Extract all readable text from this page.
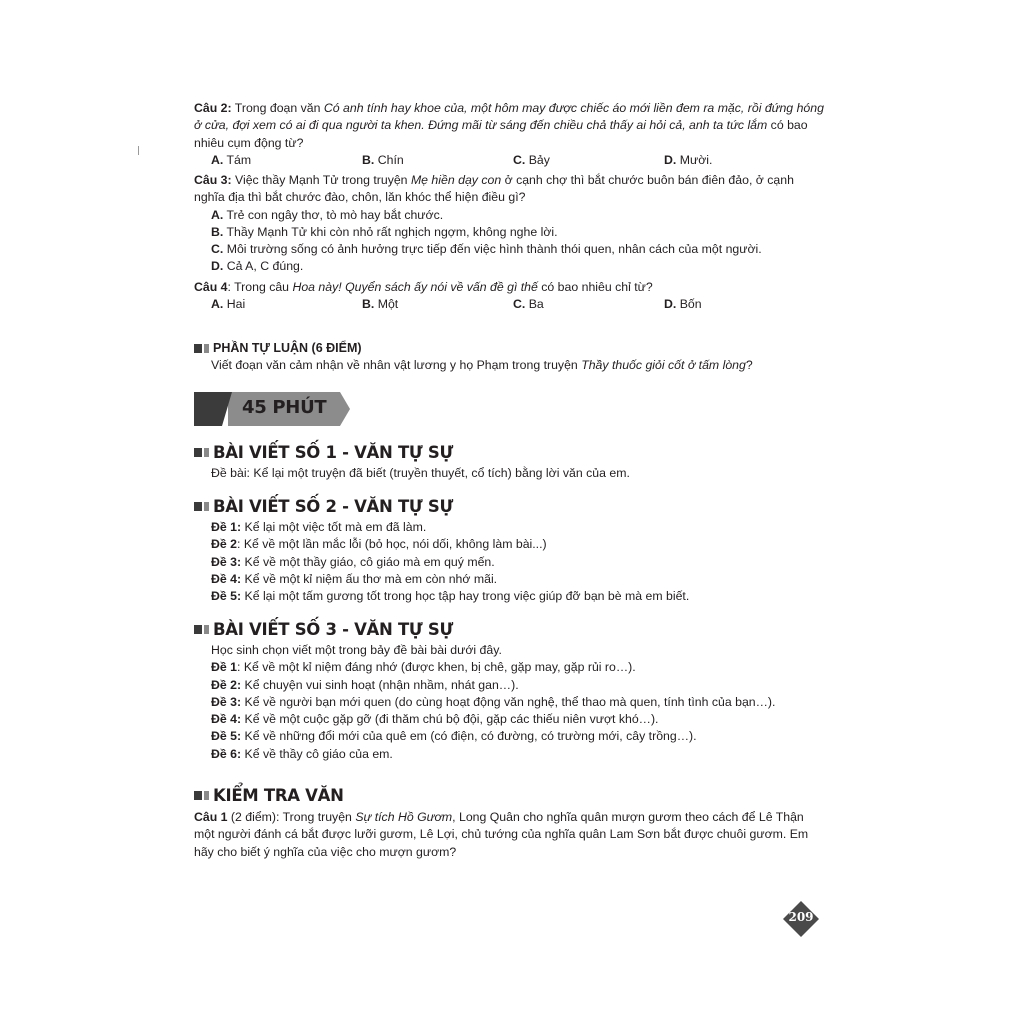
Câu 2: Trong đoạn văn Có anh tính hay khoe của, một hôm may được chiếc áo mới liền đem ra mặc, rồi đứng hóng ở cửa, đợi xem có ai đi qua người ta khen. Đứng mãi từ sáng đến chiều chả thấy ai hỏi cả, anh ta tức lắm có bao nhiêu cụm động từ?

A. Tám	B. Chín	C. Bảy	D. Mười.

Câu 3: Việc thầy Mạnh Tử trong truyện Mẹ hiền dạy con ở cạnh chợ thì bắt chước buôn bán điên đảo, ở cạnh nghĩa địa thì bắt chước đào, chôn, lăn khóc thể hiện điều gì?

A. Trẻ con ngây thơ, tò mò hay bắt chước.

B. Thầy Mạnh Tử khi còn nhỏ rất nghịch ngợm, không nghe lời.

C. Môi trường sống có ảnh hưởng trực tiếp đến việc hình thành thói quen, nhân cách của một người.

D. Cả A, C đúng.

Câu 4: Trong câu Hoa này! Quyển sách ấy nói về vấn đề gì thế có bao nhiêu chỉ từ?

A. Hai	B. Một	C. Ba	D. Bốn
PHẦN TỰ LUẬN (6 ĐIỂM)

Viết đoạn văn cảm nhận về nhân vật lương y họ Phạm trong truyện Thầy thuốc giỏi cốt ở tấm lòng?

45 PHÚT
BÀI VIẾT SỐ 1 - VĂN TỰ SỰ

Đề bài: Kể lại một truyện đã biết (truyền thuyết, cổ tích) bằng lời văn của em.

BÀI VIẾT SỐ 2 - VĂN TỰ SỰ

Đề 1: Kể lại một việc tốt mà em đã làm.

Đề 2: Kể về một lần mắc lỗi (bỏ học, nói dối, không làm bài...)

Đề 3: Kể về một thầy giáo, cô giáo mà em quý mến.

Đề 4: Kể về một kỉ niệm ấu thơ mà em còn nhớ mãi.

Đề 5: Kể lại một tấm gương tốt trong học tập hay trong việc giúp đỡ bạn bè mà em biết.

BÀI VIẾT SỐ 3 - VĂN TỰ SỰ

Học sinh chọn viết một trong bảy đề bài bài dưới đây.

Đề 1: Kể về một kỉ niệm đáng nhớ (được khen, bị chê, gặp may, gặp rủi ro…).

Đề 2: Kể chuyện vui sinh hoạt (nhận nhầm, nhát gan…).

Đề 3: Kể về người bạn mới quen (do cùng hoạt động văn nghệ, thể thao mà quen, tính tình của bạn…).

Đề 4: Kể về một cuộc gặp gỡ (đi thăm chú bộ đội, gặp các thiếu niên vượt khó…).

Đề 5: Kể về những đổi mới của quê em (có điện, có đường, có trường mới, cây trồng…).

Đề 6: Kể về thầy cô giáo của em.

KIỂM TRA VĂN

Câu 1 (2 điểm): Trong truyện Sự tích Hồ Gươm, Long Quân cho nghĩa quân mượn gươm theo cách để Lê Thận một người đánh cá bắt được lưỡi gươm, Lê Lợi, chủ tướng của nghĩa quân Lam Sơn bắt được chuôi gươm. Em hãy cho biết ý nghĩa của việc cho mượn gươm?

209
